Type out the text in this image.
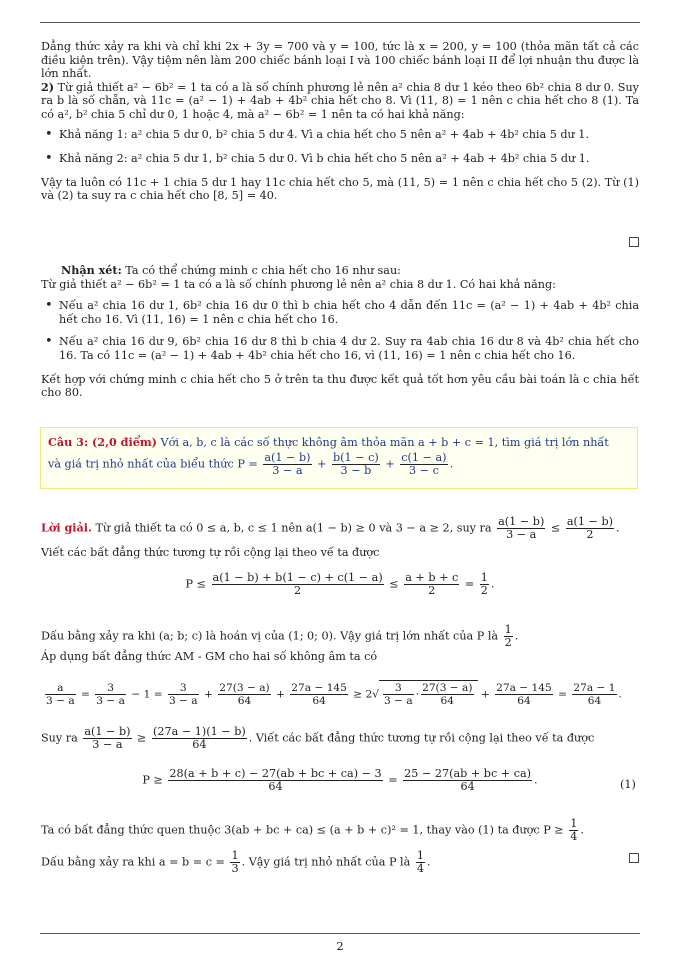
Dẳng thức xảy ra khi và chỉ khi 2x + 3y = 700 và y = 100, tức là x = 200, y = 100 (thỏa mãn tất cả các điều kiện trên). Vậy tiệm nên làm 200 chiếc bánh loại I và 100 chiếc bánh loại II để lợi nhuận thu được là lớn nhất.

2) Từ giả thiết a² − 6b² = 1 ta có a là số chính phương lẻ nên a² chia 8 dư 1 kéo theo 6b² chia 8 dư 0. Suy ra b là số chẵn, và 11c = (a² − 1) + 4ab + 4b² chia hết cho 8. Vì (11, 8) = 1 nên c chia hết cho 8 (1). Ta có a², b² chia 5 chỉ dư 0, 1 hoặc 4, mà a² − 6b² = 1 nên ta có hai khả năng:

• Khả năng 1: a² chia 5 dư 0, b² chia 5 dư 4. Vì a chia hết cho 5 nên a² + 4ab + 4b² chia 5 dư 1.
• Khả năng 2: a² chia 5 dư 1, b² chia 5 dư 0. Vì b chia hết cho 5 nên a² + 4ab + 4b² chia 5 dư 1.

Vậy ta luôn có 11c + 1 chia 5 dư 1 hay 11c chia hết cho 5, mà (11, 5) = 1 nên c chia hết cho 5 (2). Từ (1) và (2) ta suy ra c chia hết cho [8, 5] = 40.

Nhận xét: Ta có thể chứng minh c chia hết cho 16 như sau:

Từ giả thiết a² − 6b² = 1 ta có a là số chính phương lẻ nên a² chia 8 dư 1. Có hai khả năng:

• Nếu a² chia 16 dư 1, 6b² chia 16 dư 0 thì b chia hết cho 4 dẫn đến 11c = (a² − 1) + 4ab + 4b² chia hết cho 16. Vì (11, 16) = 1 nên c chia hết cho 16.
• Nếu a² chia 16 dư 9, 6b² chia 16 dư 8 thì b chia 4 dư 2. Suy ra 4ab chia 16 dư 8 và 4b² chia hết cho 16. Ta có 11c = (a² − 1) + 4ab + 4b² chia hết cho 16, vì (11, 16) = 1 nên c chia hết cho 16.

Kết hợp với chứng minh c chia hết cho 5 ở trên ta thu được kết quả tốt hơn yêu cầu bài toán là c chia hết cho 80.

Câu 3: (2,0 điểm) Với a, b, c là các số thực không âm thỏa mãn a + b + c = 1, tìm giá trị lớn nhất
và giá trị nhỏ nhất của biểu thức $P = \frac{a(1 - b)}{3 - a} + \frac{b(1 - c)}{3 - b} + \frac{c(1 - a)}{3 - c}$ .
Lời giải. Từ giả thiết ta có 0 ≤ a, b, c ≤ 1 nên a(1 − b) ≥ 0 và 3 − a ≥ 2, suy ra $\frac{a(1 - b)}{3 - a} \le \frac{a(1 - b)}{2}$ .
Viết các bất đẳng thức tương tự rồi cộng lại theo vế ta được
$P \le \frac{a(1 - b) + b(1 - c) + c(1 - a)}{2} \le \frac{a + b + c}{2} = \frac{1}{2}$ .
Dấu bằng xảy ra khi (a; b; c) là hoán vị của (1; 0; 0). Vậy giá trị lớn nhất của P là $\frac{1}{2}$ .
Áp dụng bất đẳng thức AM - GM cho hai số không âm ta có
$\frac{a}{3 - a} = \frac{3}{3 - a} - 1 = \frac{3}{3 - a} + \frac{27(3 - a)}{64} + \frac{27a - 145}{64} \ge 2√ \frac{3}{3 - a} \cdot \frac{27(3 - a)}{64} + \frac{27a - 145}{64} = \frac{27a - 1}{64}$ .
Suy ra $\frac{a(1 - b)}{3 - a} \ge \frac{(27a - 1)(1 - b)}{64}$ . Viết các bất đẳng thức tương tự rồi cộng lại theo vế ta được
$P \ge \frac{28(a + b + c) - 27(ab + bc + ca) - 3}{64} = \frac{25 - 27(ab + bc + ca)}{64}$ .	(1)
Ta có bất đẳng thức quen thuộc 3(ab + bc + ca) ≤ (a + b + c)² = 1, thay vào (1) ta được $P \ge \frac{1}{4}$ .
Dấu bằng xảy ra khi $a = b = c = \frac{1}{3}$ . Vậy giá trị nhỏ nhất của P là $\frac{1}{4}$ .
2
